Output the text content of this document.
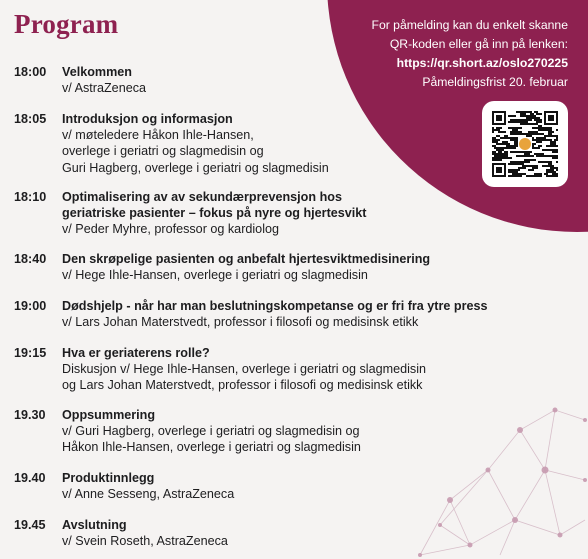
For påmelding kan du enkelt skanne
QR-koden eller gå inn på lenken:
https://qr.short.az/oslo270225
Påmeldingsfrist 20. februar
Program
18:00	Velkommen
v/ AstraZeneca
18:05	Introduksjon og informasjon
v/ møteledere Håkon Ihle-Hansen,
overlege i geriatri og slagmedisin og
Guri Hagberg, overlege i geriatri og slagmedisin
18:10	Optimalisering av av sekundærprevensjon hos
geriatriske pasienter – fokus på nyre og hjertesvikt
v/ Peder Myhre, professor og kardiolog
18:40	Den skrøpelige pasienten og anbefalt hjertesviktmedisinering
v/ Hege Ihle-Hansen, overlege i geriatri og slagmedisin
19:00	Dødshjelp - når har man beslutningskompetanse og er fri fra ytre press
v/ Lars Johan Materstvedt, professor i filosofi og medisinsk etikk
19:15	Hva er geriaterens rolle?
Diskusjon v/ Hege Ihle-Hansen, overlege i geriatri og slagmedisin
og Lars Johan Materstvedt, professor i filosofi og medisinsk etikk
19.30	Oppsummering
v/ Guri Hagberg, overlege i geriatri og slagmedisin og
Håkon Ihle-Hansen, overlege i geriatri og slagmedisin
19.40	Produktinnlegg
v/ Anne Sesseng, AstraZeneca
19.45	Avslutning
v/ Svein Roseth, AstraZeneca
